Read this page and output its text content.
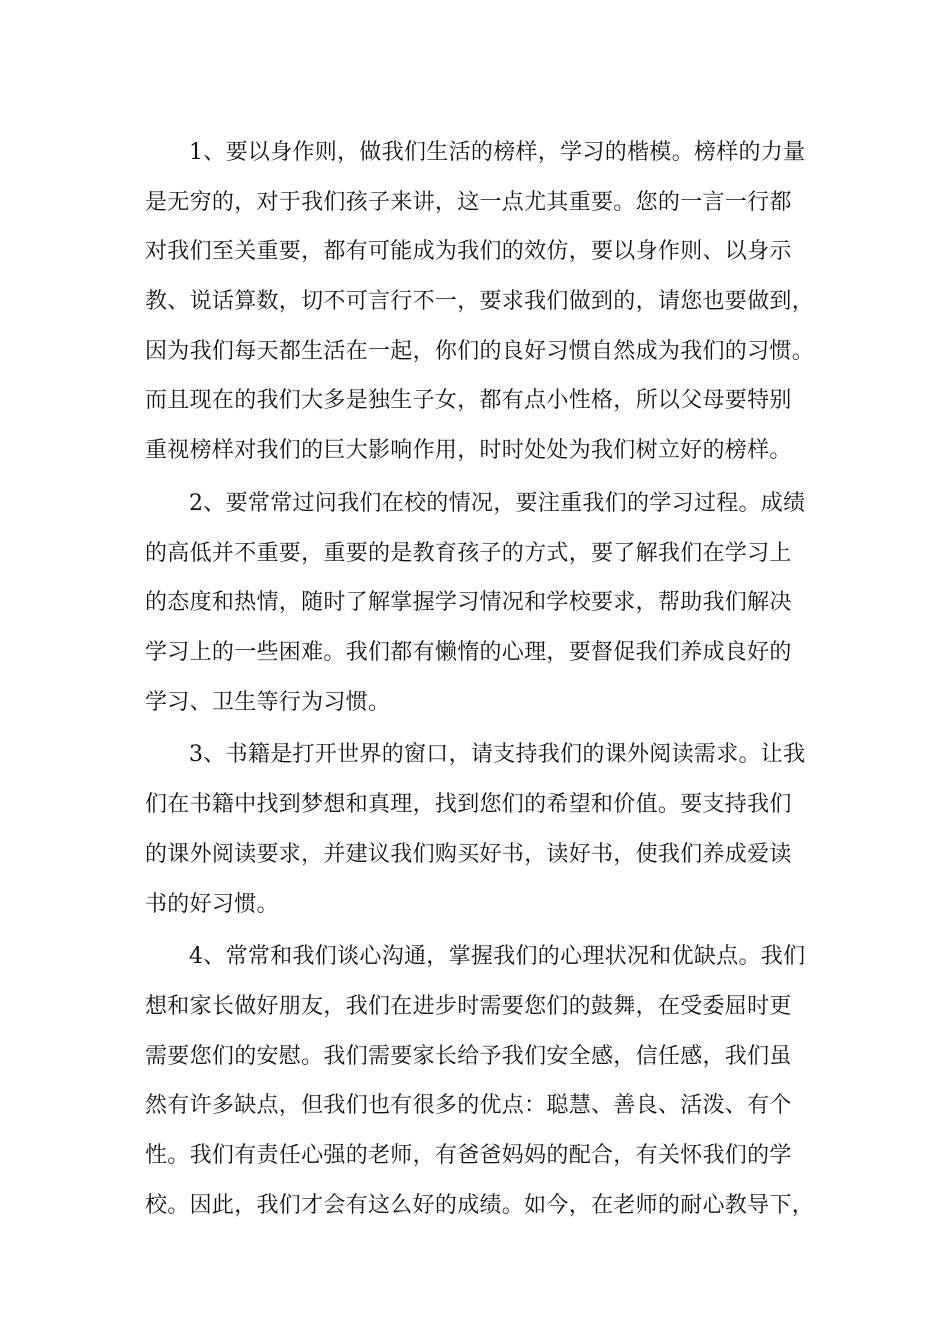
1、要以身作则，做我们生活的榜样，学习的楷模。榜样的力量
是无穷的，对于我们孩子来讲，这一点尤其重要。您的一言一行都
对我们至关重要，都有可能成为我们的效仿，要以身作则、以身示
教、说话算数，切不可言行不一，要求我们做到的，请您也要做到，
因为我们每天都生活在一起，你们的良好习惯自然成为我们的习惯。
而且现在的我们大多是独生子女，都有点小性格，所以父母要特别
重视榜样对我们的巨大影响作用，时时处处为我们树立好的榜样。
2、要常常过问我们在校的情况，要注重我们的学习过程。成绩
的高低并不重要，重要的是教育孩子的方式，要了解我们在学习上
的态度和热情，随时了解掌握学习情况和学校要求，帮助我们解决
学习上的一些困难。我们都有懒惰的心理，要督促我们养成良好的
学习、卫生等行为习惯。
3、书籍是打开世界的窗口，请支持我们的课外阅读需求。让我
们在书籍中找到梦想和真理，找到您们的希望和价值。要支持我们
的课外阅读要求，并建议我们购买好书，读好书，使我们养成爱读
书的好习惯。
4、常常和我们谈心沟通，掌握我们的心理状况和优缺点。我们
想和家长做好朋友，我们在进步时需要您们的鼓舞，在受委屈时更
需要您们的安慰。我们需要家长给予我们安全感，信任感，我们虽
然有许多缺点，但我们也有很多的优点：聪慧、善良、活泼、有个
性。我们有责任心强的老师，有爸爸妈妈的配合，有关怀我们的学
校。因此，我们才会有这么好的成绩。如今，在老师的耐心教导下，
